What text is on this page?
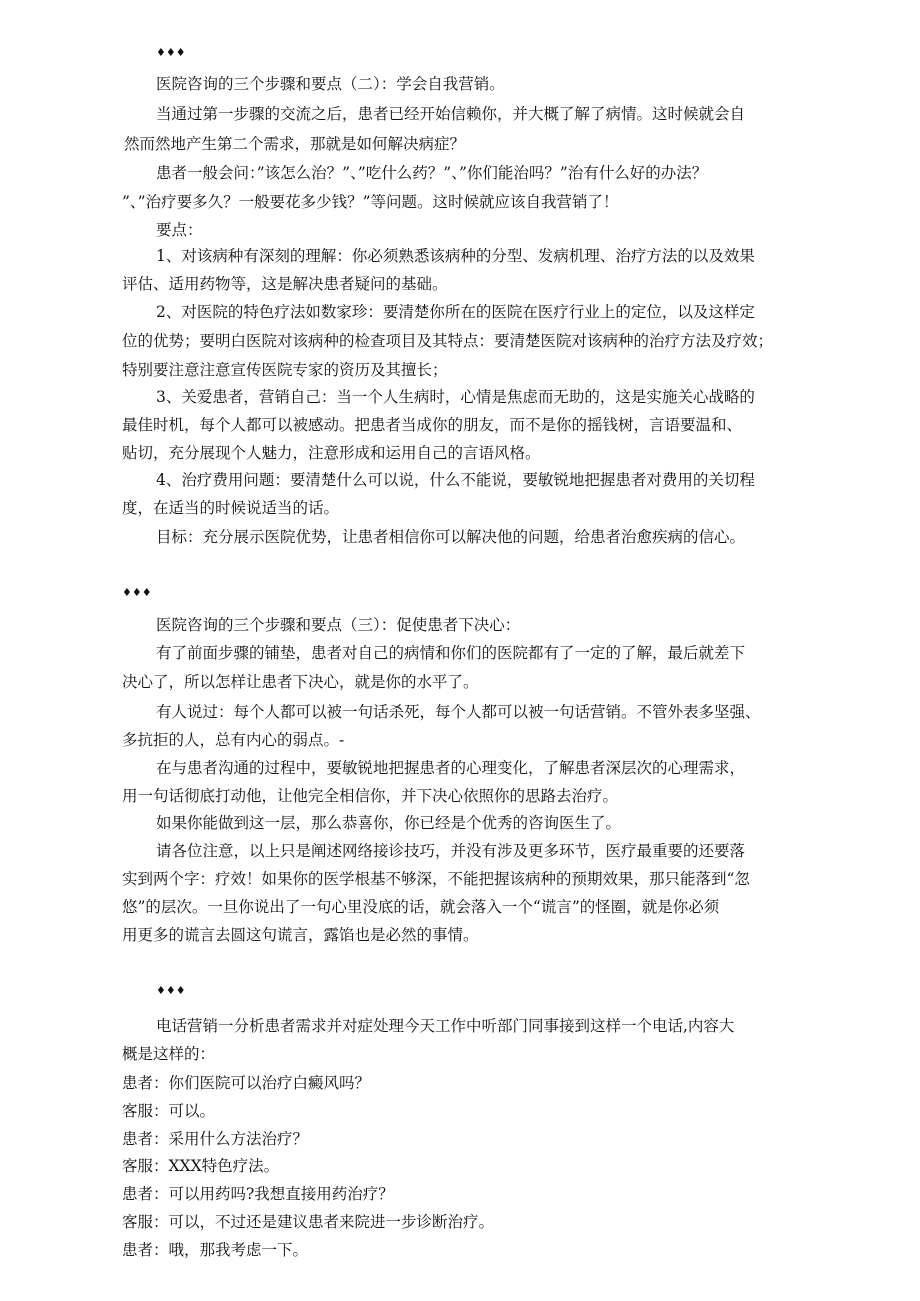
♦♦♦
医院咨询的三个步骤和要点（二）：学会自我营销。
当通过第一步骤的交流之后，患者已经开始信赖你，并大概了解了病情。这时候就会自
然而然地产生第二个需求，那就是如何解决病症？
患者一般会问：”该怎么治？”、”吃什么药？”、”你们能治吗？”治有什么好的办法？
”、”治疗要多久？一般要花多少钱？”等问题。这时候就应该自我营销了！
要点：
1、对该病种有深刻的理解：你必须熟悉该病种的分型、发病机理、治疗方法的以及效果
评估、适用药物等，这是解决患者疑问的基础。
2、对医院的特色疗法如数家珍：要清楚你所在的医院在医疗行业上的定位，以及这样定
位的优势；要明白医院对该病种的检查项目及其特点：要清楚医院对该病种的治疗方法及疗效；
特别要注意注意宣传医院专家的资历及其擅长；
3、关爱患者，营销自己：当一个人生病时，心情是焦虑而无助的，这是实施关心战略的
最佳时机，每个人都可以被感动。把患者当成你的朋友，而不是你的摇钱树，言语要温和、
贴切，充分展现个人魅力，注意形成和运用自己的言语风格。
4、治疗费用问题：要清楚什么可以说，什么不能说，要敏锐地把握患者对费用的关切程
度，在适当的时候说适当的话。
目标：充分展示医院优势，让患者相信你可以解决他的问题，给患者治愈疾病的信心。
♦♦♦
医院咨询的三个步骤和要点（三）：促使患者下决心：
有了前面步骤的铺垫，患者对自己的病情和你们的医院都有了一定的了解，最后就差下
决心了，所以怎样让患者下决心，就是你的水平了。
有人说过：每个人都可以被一句话杀死，每个人都可以被一句话营销。不管外表多坚强、
多抗拒的人，总有内心的弱点。-
在与患者沟通的过程中，要敏锐地把握患者的心理变化，了解患者深层次的心理需求，
用一句话彻底打动他，让他完全相信你，并下决心依照你的思路去治疗。
如果你能做到这一层，那么恭喜你，你已经是个优秀的咨询医生了。
请各位注意，以上只是阐述网络接诊技巧，并没有涉及更多环节，医疗最重要的还要落
实到两个字：疗效！如果你的医学根基不够深，不能把握该病种的预期效果，那只能落到“忽
悠”的层次。一旦你说出了一句心里没底的话，就会落入一个“谎言”的怪圈，就是你必须
用更多的谎言去圆这句谎言，露馅也是必然的事情。
♦♦♦
电话营销一分析患者需求并对症处理今天工作中听部门同事接到这样一个电话,内容大
概是这样的：
患者：你们医院可以治疗白癜风吗？
客服：可以。
患者：采用什么方法治疗？
客服：XXX特色疗法。
患者：可以用药吗?我想直接用药治疗？
客服：可以，不过还是建议患者来院进一步诊断治疗。
患者：哦，那我考虑一下。
